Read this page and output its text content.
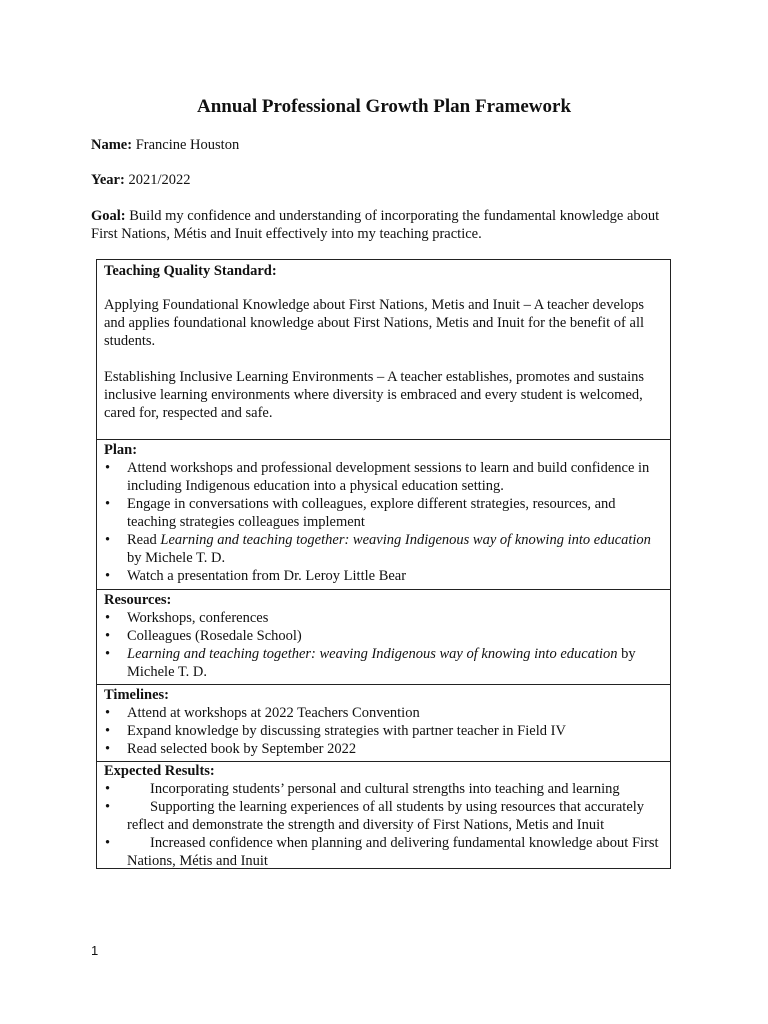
Annual Professional Growth Plan Framework
Name: Francine Houston
Year: 2021/2022
Goal: Build my confidence and understanding of incorporating the fundamental knowledge about First Nations, Métis and Inuit effectively into my teaching practice.
Teaching Quality Standard:

Applying Foundational Knowledge about First Nations, Metis and Inuit – A teacher develops and applies foundational knowledge about First Nations, Metis and Inuit for the benefit of all students.

Establishing Inclusive Learning Environments – A teacher establishes, promotes and sustains inclusive learning environments where diversity is embraced and every student is welcomed, cared for, respected and safe.

Plan:
• Attend workshops and professional development sessions to learn and build confidence in including Indigenous education into a physical education setting.
• Engage in conversations with colleagues, explore different strategies, resources, and teaching strategies colleagues implement
• Read Learning and teaching together: weaving Indigenous way of knowing into education by Michele T. D.
• Watch a presentation from Dr. Leroy Little Bear
Resources:
• Workshops, conferences
• Colleagues (Rosedale School)
• Learning and teaching together: weaving Indigenous way of knowing into education by Michele T. D.
Timelines:
• Attend at workshops at 2022 Teachers Convention
• Expand knowledge by discussing strategies with partner teacher in Field IV
• Read selected book by September 2022
Expected Results:
• Incorporating students’ personal and cultural strengths into teaching and learning
• Supporting the learning experiences of all students by using resources that accurately reflect and demonstrate the strength and diversity of First Nations, Metis and Inuit
• Increased confidence when planning and delivering fundamental knowledge about First Nations, Métis and Inuit
1
